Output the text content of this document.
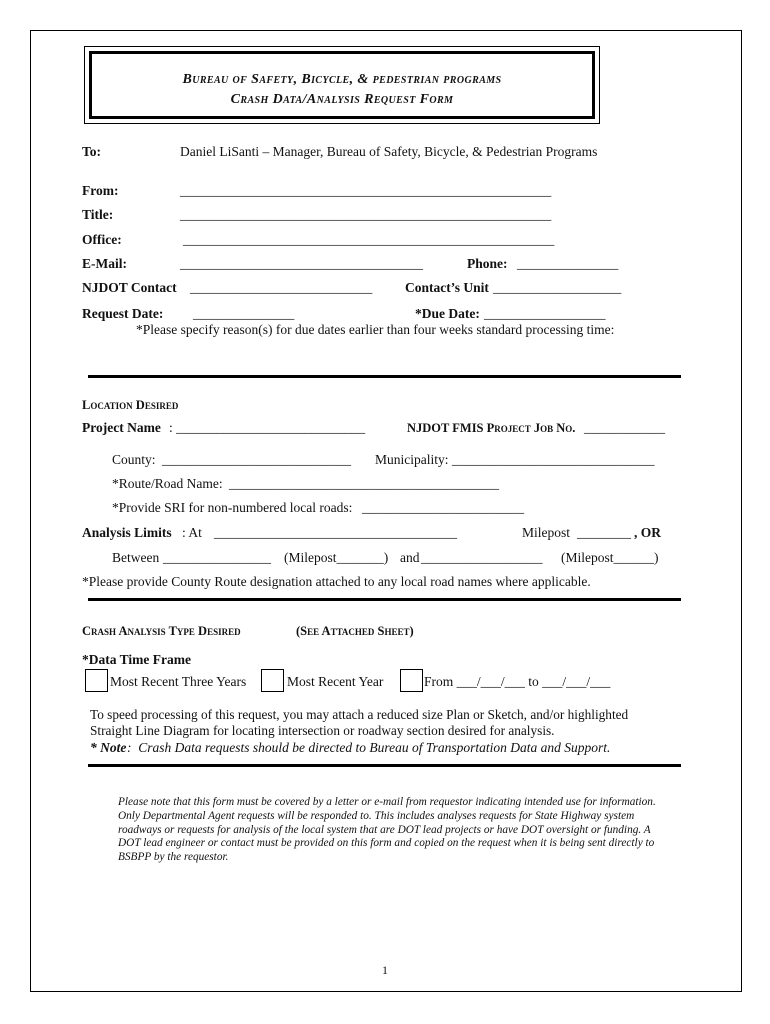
Bureau of Safety, Bicycle, & pedestrian programs
Crash Data/Analysis Request Form
To:	Daniel LiSanti – Manager, Bureau of Safety, Bicycle, & Pedestrian Programs
From:	_______________________________________________________
Title:	_______________________________________________________
Office:	_______________________________________________________
E-Mail:	____________________________________	Phone: _______________
NJDOT Contact ___________________________ Contact’s Unit ___________________
Request Date: _______________	*Due Date: __________________
*Please specify reason(s) for due dates earlier than four weeks standard processing time:
Location Desired
Project Name : ____________________________	NJDOT FMIS Project Job No. ____________
County: ____________________________ Municipality: ______________________________
*Route/Road Name: ________________________________________
*Provide SRI for non-numbered local roads: ________________________
Analysis Limits : At ____________________________________	Milepost ________ , OR
Between ________________ (Milepost_______) and __________________ (Milepost______)
*Please provide County Route designation attached to any local road names where applicable.
Crash Analysis Type Desired	(See Attached Sheet)
*Data Time Frame
Most Recent Three Years	Most Recent Year	From ___/___/___ to ___/___/___
To speed processing of this request, you may attach a reduced size Plan or Sketch, and/or highlighted
Straight Line Diagram for locating intersection or roadway section desired for analysis.
* Note :  Crash Data requests should be directed to Bureau of Transportation Data and Support.
Please note that this form must be covered by a letter or e-mail from requestor indicating intended use for information. Only Departmental Agent requests will be responded to. This includes analyses requests for State Highway system roadways or requests for analysis of the local system that are DOT lead projects or have DOT oversight or funding. A DOT lead engineer or contact must be provided on this form and copied on the request when it is being sent directly to BSBPP by the requestor.
1
